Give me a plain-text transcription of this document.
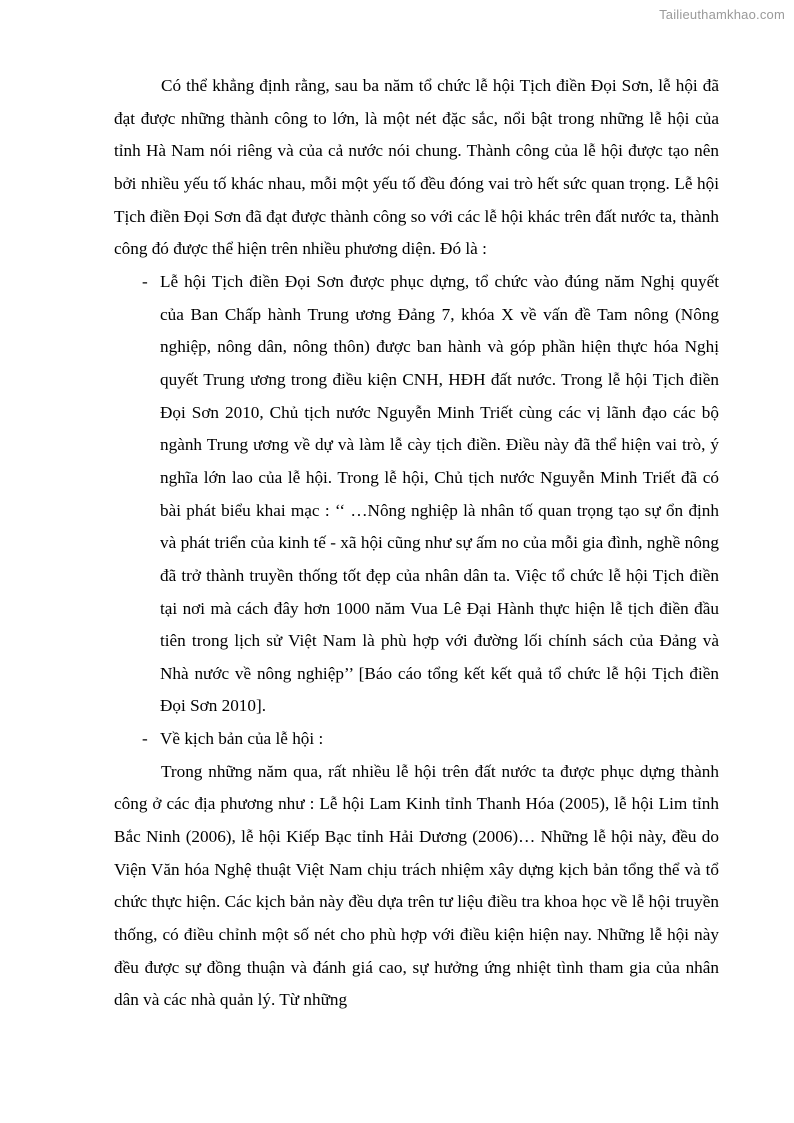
Tailieuthamkhao.com

Có thể khẳng định rằng, sau ba năm tổ chức lễ hội Tịch điền Đọi Sơn, lễ hội đã đạt được những thành công to lớn, là một nét đặc sắc, nổi bật trong những lễ hội của tỉnh Hà Nam nói riêng và của cả nước nói chung. Thành công của lễ hội được tạo nên bởi nhiều yếu tố khác nhau, mỗi một yếu tố đều đóng vai trò hết sức quan trọng. Lễ hội Tịch điền Đọi Sơn đã đạt được thành công so với các lễ hội khác trên đất nước ta, thành công đó được thể hiện trên nhiều phương diện. Đó là :

- Lễ hội Tịch điền Đọi Sơn được phục dựng, tổ chức vào đúng năm Nghị quyết của Ban Chấp hành Trung ương Đảng 7, khóa X về vấn đề Tam nông (Nông nghiệp, nông dân, nông thôn) được ban hành và góp phần hiện thực hóa Nghị quyết Trung ương trong điều kiện CNH, HĐH đất nước. Trong lễ hội Tịch điền Đọi Sơn 2010, Chủ tịch nước Nguyễn Minh Triết cùng các vị lãnh đạo các bộ ngành Trung ương về dự và làm lễ cày tịch điền. Điều này đã thể hiện vai trò, ý nghĩa lớn lao của lễ hội. Trong lễ hội, Chủ tịch nước Nguyễn Minh Triết đã có bài phát biểu khai mạc : ‘‘ …Nông nghiệp là nhân tố quan trọng tạo sự ổn định và phát triển của kinh tế - xã hội cũng như sự ấm no của mỗi gia đình, nghề nông đã trở thành truyền thống tốt đẹp của nhân dân ta. Việc tổ chức lễ hội Tịch điền tại nơi mà cách đây hơn 1000 năm Vua Lê Đại Hành thực hiện lễ tịch điền đầu tiên trong lịch sử Việt Nam là phù hợp với đường lối chính sách của Đảng và Nhà nước về nông nghiệp’’ [Báo cáo tổng kết kết quả tổ chức lễ hội Tịch điền Đọi Sơn 2010].

- Về kịch bản của lễ hội :

Trong những năm qua, rất nhiều lễ hội trên đất nước ta được phục dựng thành công ở các địa phương như : Lễ hội Lam Kinh tỉnh Thanh Hóa (2005), lễ hội Lim tỉnh Bắc Ninh (2006), lễ hội Kiếp Bạc tỉnh Hải Dương (2006)… Những lễ hội này, đều do Viện Văn hóa Nghệ thuật Việt Nam chịu trách nhiệm xây dựng kịch bản tổng thể và tổ chức thực hiện. Các kịch bản này đều dựa trên tư liệu điều tra khoa học về lễ hội truyền thống, có điều chỉnh một số nét cho phù hợp với điều kiện hiện nay. Những lễ hội này đều được sự đồng thuận và đánh giá cao, sự hưởng ứng nhiệt tình tham gia của nhân dân và các nhà quản lý. Từ những
